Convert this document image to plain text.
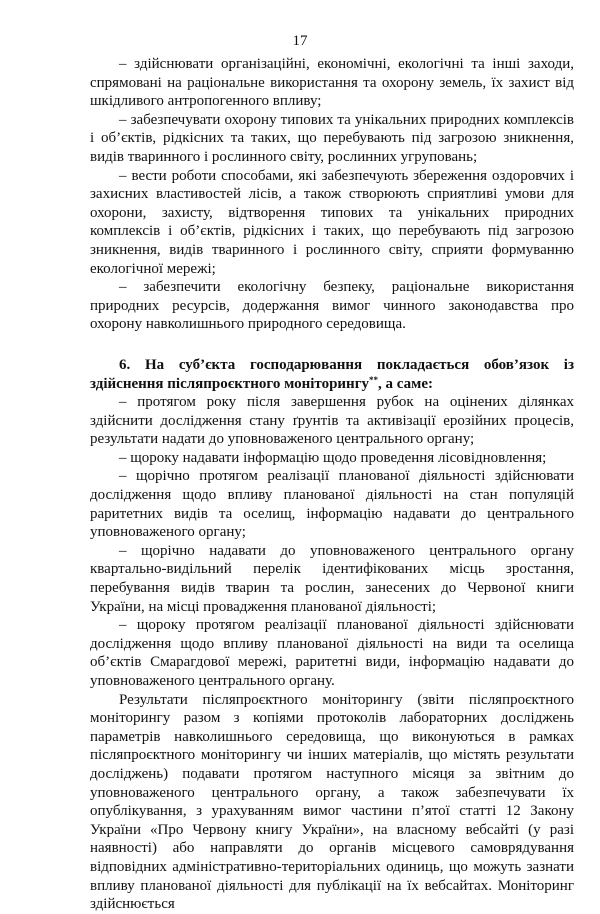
17

– здійснювати організаційні, економічні, екологічні та інші заходи, спрямовані на раціональне використання та охорону земель, їх захист від шкідливого антропогенного впливу;

– забезпечувати охорону типових та унікальних природних комплексів і об’єктів, рідкісних та таких, що перебувають під загрозою зникнення, видів тваринного і рослинного світу, рослинних угруповань;

– вести роботи способами, які забезпечують збереження оздоровчих і захисних властивостей лісів, а також створюють сприятливі умови для охорони, захисту, відтворення типових та унікальних природних комплексів і об’єктів, рідкісних і таких, що перебувають під загрозою зникнення, видів тваринного і рослинного світу, сприяти формуванню екологічної мережі;

– забезпечити екологічну безпеку, раціональне використання природних ресурсів, додержання вимог чинного законодавства про охорону навколишнього природного середовища.

6. На суб’єкта господарювання покладається обов’язок із здійснення післяпроєктного моніторингу**, а саме:

– протягом року після завершення рубок на оцінених ділянках здійснити дослідження стану ґрунтів та активізації ерозійних процесів, результати надати до уповноваженого центрального органу;

– щороку надавати інформацію щодо проведення лісовідновлення;

– щорічно протягом реалізації планованої діяльності здійснювати дослідження щодо впливу планованої діяльності на стан популяцій раритетних видів та оселищ, інформацію надавати до центрального уповноваженого органу;

– щорічно надавати до уповноваженого центрального органу квартально-видільний перелік ідентифікованих місць зростання, перебування видів тварин та рослин, занесених до Червоної книги України, на місці провадження планованої діяльності;

– щороку протягом реалізації планованої діяльності здійснювати дослідження щодо впливу планованої діяльності на види та оселища об’єктів Смарагдової мережі, раритетні види, інформацію надавати до уповноваженого центрального органу.

Результати післяпроєктного моніторингу (звіти післяпроєктного моніторингу разом з копіями протоколів лабораторних досліджень параметрів навколишнього середовища, що виконуються в рамках післяпроєктного моніторингу чи інших матеріалів, що містять результати досліджень) подавати протягом наступного місяця за звітним до уповноваженого центрального органу, а також забезпечувати їх опублікування, з урахуванням вимог частини п’ятої статті 12 Закону України «Про Червону книгу України», на власному вебсайті (у разі наявності) або направляти до органів місцевого самоврядування відповідних адміністративно-територіальних одиниць, що можуть зазнати впливу планованої діяльності для публікації на їх вебсайтах. Моніторинг здійснюється
